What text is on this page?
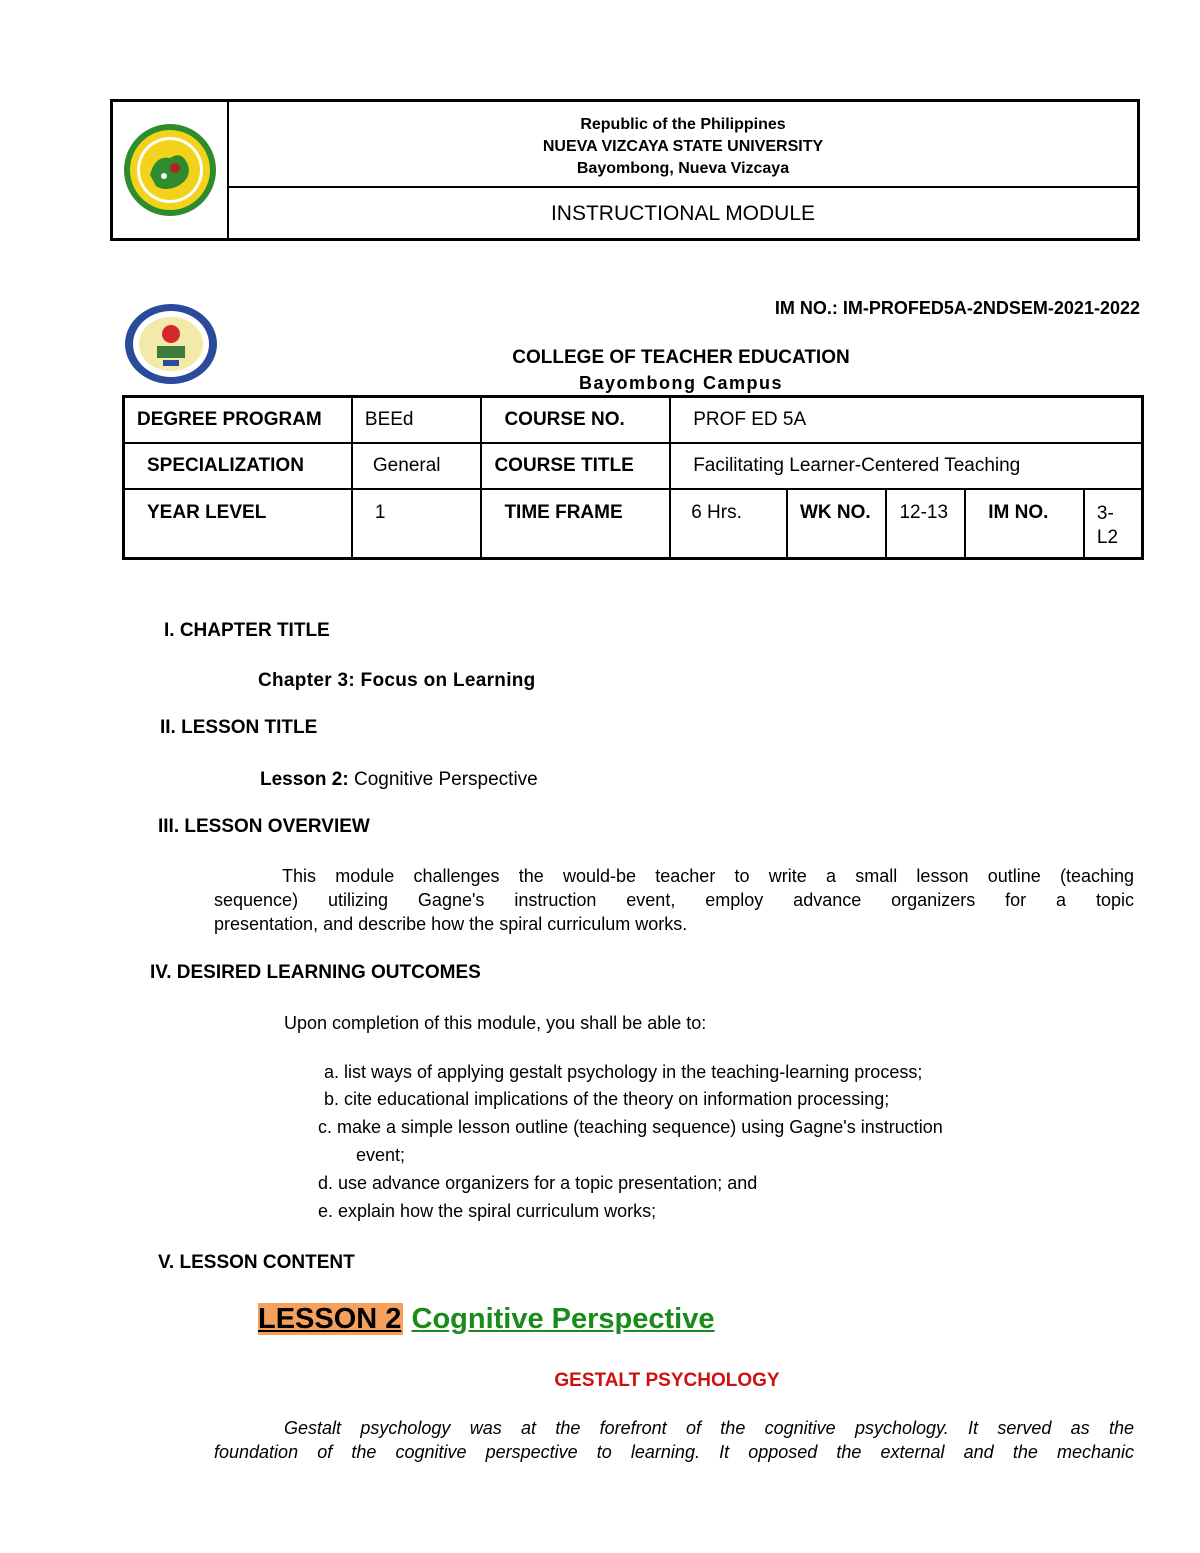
Republic of the Philippines
NUEVA VIZCAYA STATE UNIVERSITY
Bayombong, Nueva Vizcaya
INSTRUCTIONAL MODULE
IM NO.: IM-PROFED5A-2NDSEM-2021-2022
COLLEGE OF TEACHER EDUCATION
Bayombong Campus
DEGREE PROGRAM	BEEd	COURSE NO.	PROF ED 5A				
SPECIALIZATION	General	COURSE TITLE	Facilitating Learner-Centered Teaching				
YEAR LEVEL	1	TIME FRAME	6 Hrs.	WK NO.	12-13	IM NO.	3-
L2
I. CHAPTER TITLE
Chapter 3: Focus on Learning
II. LESSON TITLE
Lesson 2: Cognitive Perspective
III. LESSON OVERVIEW
This module challenges the would-be teacher to write a small lesson outline (teaching
sequence) utilizing Gagne's instruction event, employ advance organizers for a topic
presentation, and describe how the spiral curriculum works.
IV. DESIRED LEARNING OUTCOMES
Upon completion of this module, you shall be able to:
a. list ways of applying gestalt psychology in the teaching-learning process;
b. cite educational implications of the theory on information processing;
c. make a simple lesson outline (teaching sequence) using Gagne's instruction
event;
d. use advance organizers for a topic presentation; and
e. explain how the spiral curriculum works;
V. LESSON CONTENT
LESSON 2 Cognitive Perspective
GESTALT PSYCHOLOGY
Gestalt psychology was at the forefront of the cognitive psychology. It served as the
foundation of the cognitive perspective to learning. It opposed the external and the mechanic
